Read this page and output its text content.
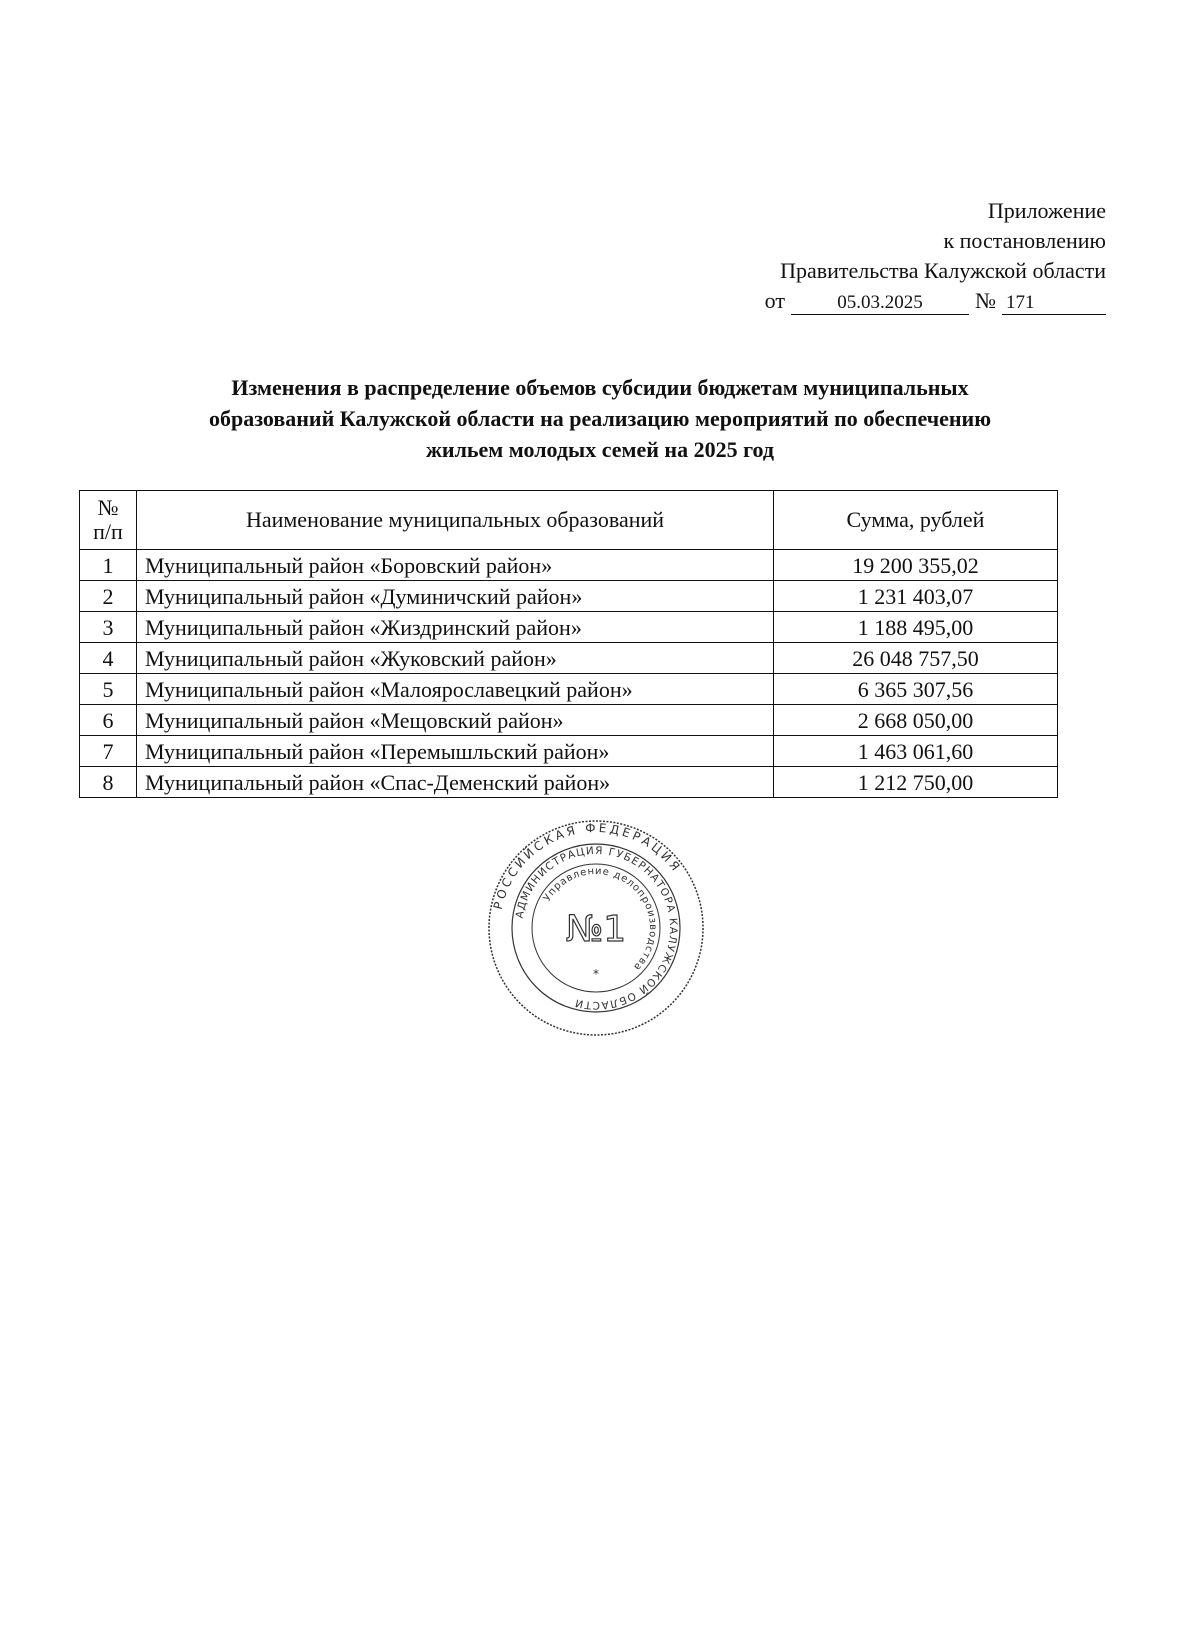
Приложение
к постановлению
Правительства Калужской области
от	05.03.2025	№ 171
Изменения в распределение объемов субсидии бюджетам муниципальных
образований Калужской области на реализацию мероприятий по обеспечению
жильем молодых семей на 2025 год
№
п/п	Наименование муниципальных образований	Сумма, рублей
1	Муниципальный район «Боровский район»	19 200 355,02
2	Муниципальный район «Думиничский район»	1 231 403,07
3	Муниципальный район «Жиздринский район»	1 188 495,00
4	Муниципальный район «Жуковский район»	26 048 757,50
5	Муниципальный район «Малоярославецкий район»	6 365 307,56
6	Муниципальный район «Мещовский район»	2 668 050,00
7	Муниципальный район «Перемышльский район»	1 463 061,60
8	Муниципальный район «Спас-Деменский район»	1 212 750,00
РОССИЙСКАЯ ФЕДЕРАЦИЯ
АДМИНИСТРАЦИЯ ГУБЕРНАТОРА КАЛУЖСКОЙ ОБЛАСТИ
Управление делопроизводства
№1
*
